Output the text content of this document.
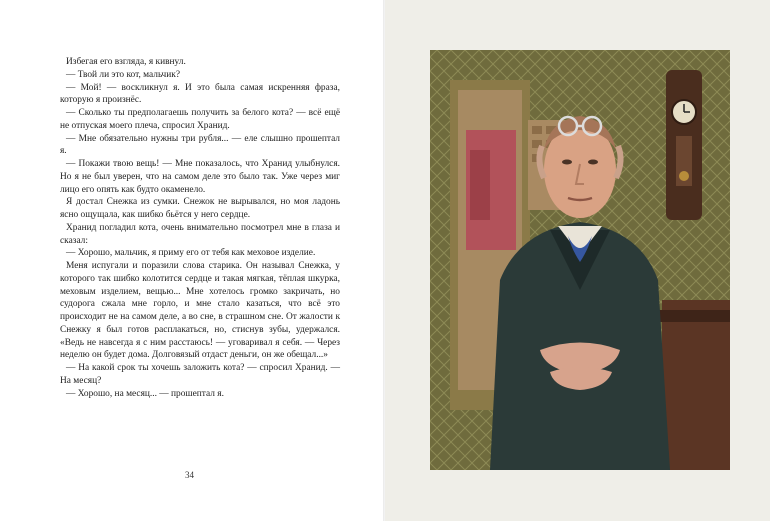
Избегая его взгляда, я кивнул.

— Твой ли это кот, мальчик?

— Мой! — воскликнул я. И это была самая искренняя фраза, которую я произнёс.

— Сколько ты предполагаешь получить за белого кота? — всё ещё не отпуская моего плеча, спросил Хранид.

— Мне обязательно нужны три рубля... — еле слышно прошептал я.

— Покажи твою вещь! — Мне показалось, что Хранид улыбнулся. Но я не был уверен, что на самом деле это было так. Уже через миг лицо его опять как будто окаменело.

Я достал Снежка из сумки. Снежок не вырывался, но моя ладонь ясно ощущала, как шибко бьётся у него сердце.

Хранид погладил кота, очень внимательно посмотрел мне в глаза и сказал:

— Хорошо, мальчик, я приму его от тебя как меховое изделие.

Меня испугали и поразили слова старика. Он называл Снежка, у которого так шибко колотится сердце и такая мягкая, тёплая шкурка, меховым изделием, вещью... Мне хотелось громко закричать, но судорога сжала мне горло, и мне стало казаться, что всё это происходит не на самом деле, а во сне, в страшном сне. От жалости к Снежку я был готов расплакаться, но, стиснув зубы, удержался. «Ведь не навсегда я с ним расстаюсь! — уговаривал я себя. — Через неделю он будет дома. Долговязый отдаст деньги, он же обещал...»

— На какой срок ты хочешь заложить кота? — спросил Хранид. — На месяц?

— Хорошо, на месяц... — прошептал я.

34
